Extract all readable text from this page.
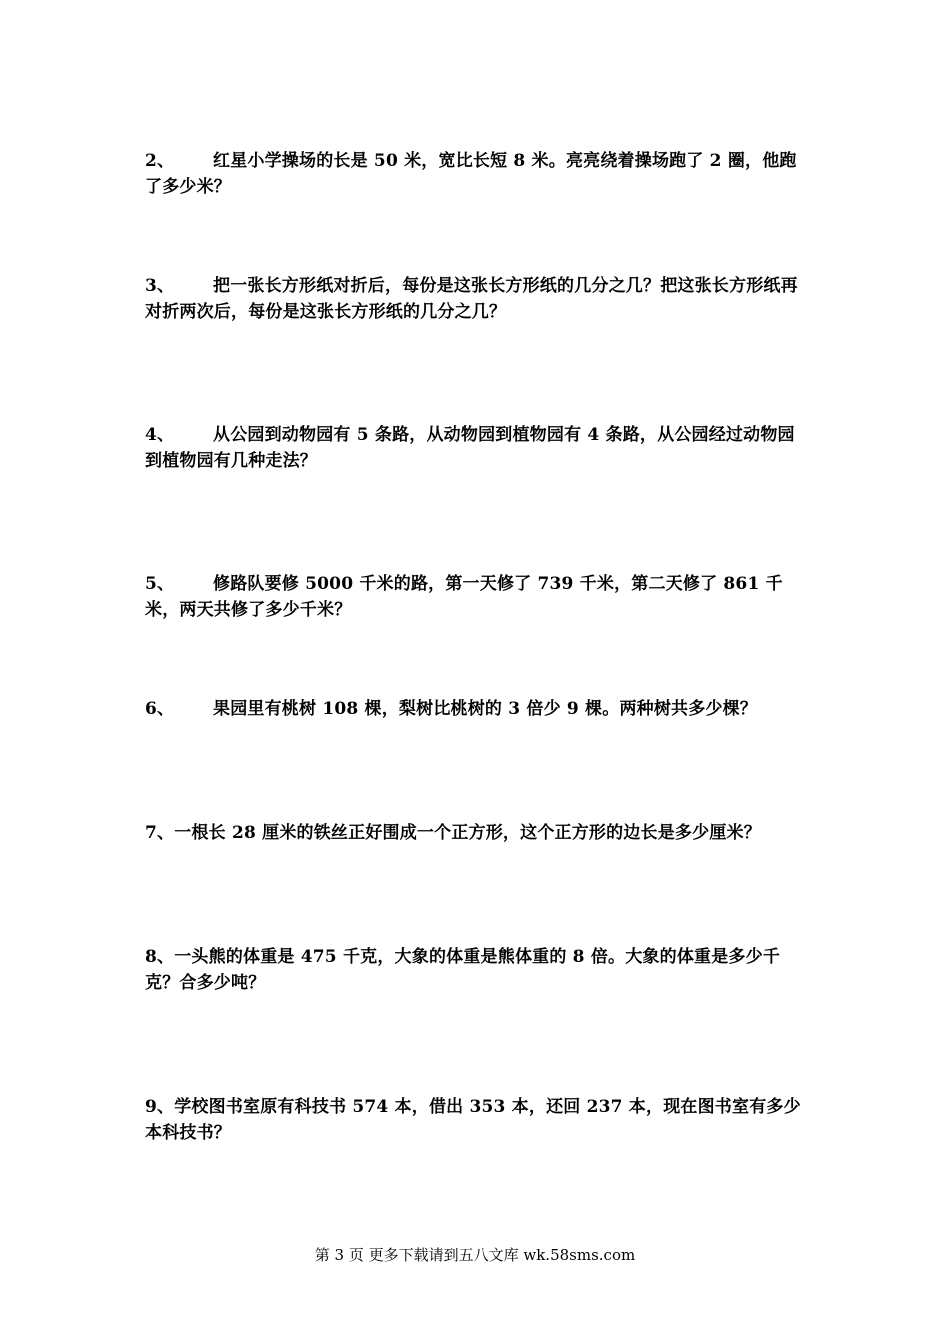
2、 红星小学操场的长是 50 米，宽比长短 8 米。亮亮绕着操场跑了 2 圈，他跑了多少米？
3、 把一张长方形纸对折后，每份是这张长方形纸的几分之几？把这张长方形纸再对折两次后，每份是这张长方形纸的几分之几？
4、 从公园到动物园有 5 条路，从动物园到植物园有 4 条路，从公园经过动物园到植物园有几种走法？
5、 修路队要修 5000 千米的路，第一天修了 739 千米，第二天修了 861 千米，两天共修了多少千米？
6、 果园里有桃树 108 棵，梨树比桃树的 3 倍少 9 棵。两种树共多少棵？
7、一根长 28 厘米的铁丝正好围成一个正方形，这个正方形的边长是多少厘米？
8、一头熊的体重是 475 千克，大象的体重是熊体重的 8 倍。大象的体重是多少千克？合多少吨？
9、学校图书室原有科技书 574 本，借出 353 本，还回 237 本，现在图书室有多少本科技书？
第 3 页 更多下载请到五八文库 wk.58sms.com
